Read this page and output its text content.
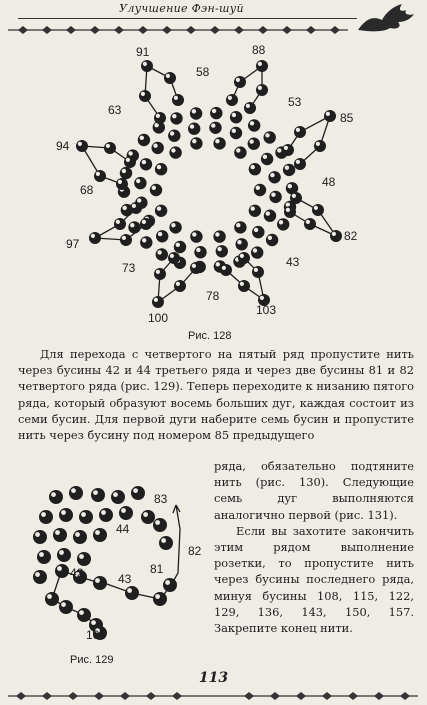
Улучшение Фэн-шуй
91	88
58
63
53
85
94
68
48
97
82
73	43
78
100
103
Рис. 128

Для перехода с четвертого на пятый ряд пропустите нить через бусины 42 и 44 третьего ряда и через две бусины 81 и 82 четвертого ряда (рис. 129). Теперь переходите к низанию пятого ряда, который образуют восемь больших дуг, каждая состоит из семи бусин. Для первой дуги наберите семь бусин и пропустите нить через бусину под номером 85 предыдущего

83
44
82
42	81
43
103
Рис. 129

ряда, обязательно подтяните нить (рис. 130). Следующие семь дуг выполняются аналогично первой (рис. 131).

Если вы захотите закончить этим рядом выполнение розетки, то пропустите нить через бусины последнего ряда, минуя бусины 108, 115, 122, 129, 136, 143, 150, 157. Закрепите конец нити.

113
